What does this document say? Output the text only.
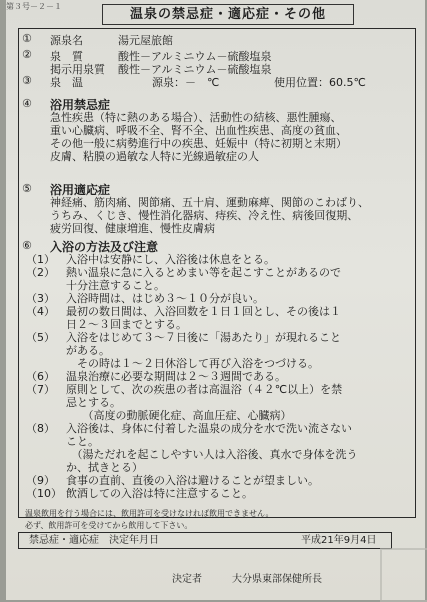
第３号－２－１
温泉の禁忌症・適応症・その他
① 源泉名	湯元屋旅館
② 泉　質	酸性－アルミニウム－硫酸塩泉
掲示用泉質 酸性－アルミニウム－硫酸塩泉
③ 泉　温	源泉：－　℃	使用位置：60.5℃
④ 浴用禁忌症
急性疾患（特に熱のある場合）、活動性の結核、悪性腫瘍、
重い心臓病、呼吸不全、腎不全、出血性疾患、高度の貧血、
その他一般に病勢進行中の疾患、妊娠中（特に初期と末期）
皮膚、粘膜の過敏な人特に光線過敏症の人
⑤ 浴用適応症
神経痛、筋肉痛、関節痛、五十肩、運動麻痺、関節のこわばり、
うちみ、くじき、慢性消化器病、痔疾、冷え性、病後回復期、
疲労回復、健康増進、慢性皮膚病
⑥ 入浴の方法及び注意
（1） 入浴中は安静にし、入浴後は休息をとる。
（2） 熱い温泉に急に入るとめまい等を起こすことがあるので
十分注意すること。
（3） 入浴時間は、はじめ３～１０分が良い。
（4） 最初の数日間は、入浴回数を１日１回とし、その後は１
日２～３回までとする。
（5） 入浴をはじめて３～７日後に「湯あたり」が現れること
がある。
　その時は１～２日休浴して再び入浴をつづける。
（6） 温泉治療に必要な期間は２～３週間である。
（7） 原則として、次の疾患の者は高温浴（４２℃以上）を禁
忌とする。
　　（高度の動脈硬化症、高血圧症、心臓病）
（8） 入浴後は、身体に付着した温泉の成分を水で洗い流さない
こと。
　（湯ただれを起こしやすい人は入浴後、真水で身体を洗う
か、拭きとる）
（9） 食事の直前、直後の入浴は避けることが望ましい。
（10） 飲酒しての入浴は特に注意すること。
温泉飲用を行う場合には、飲用許可を受けなければ飲用できません。
必ず、飲用許可を受けてから飲用して下さい。
禁忌症・適応症　決定年月日	平成21年9月4日
決定者	大分県東部保健所長
